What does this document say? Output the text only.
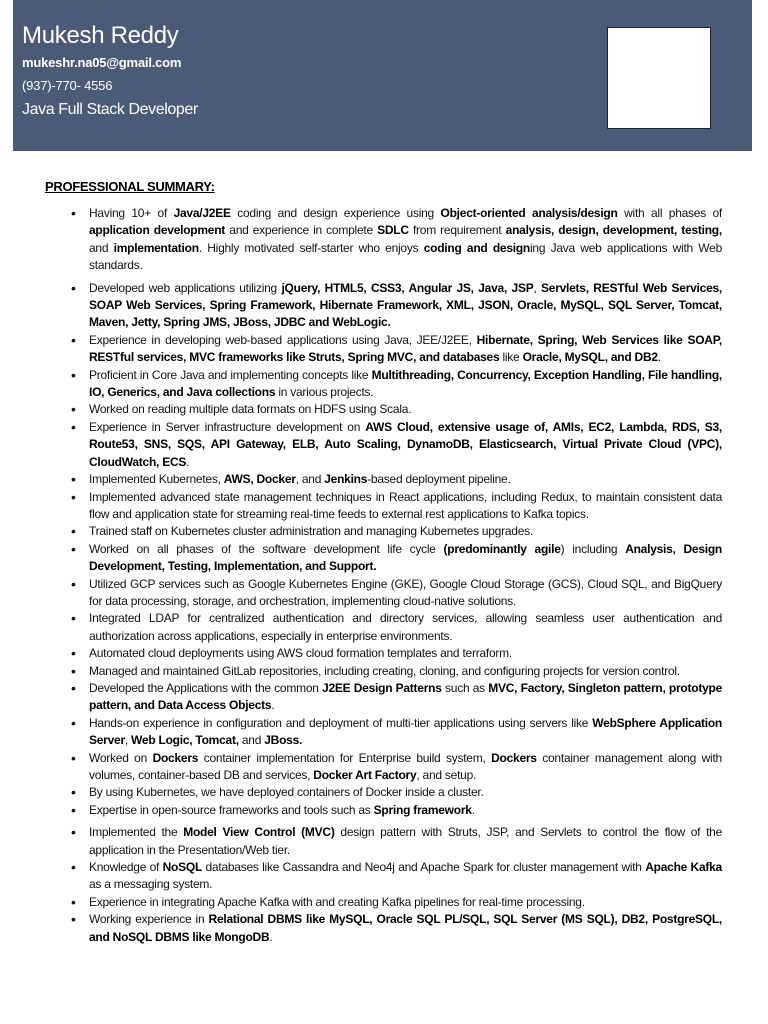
Mukesh Reddy
mukeshr.na05@gmail.com
(937)-770- 4556
Java Full Stack Developer
PROFESSIONAL SUMMARY:
• Having 10+ of Java/J2EE coding and design experience using Object-oriented analysis/design with all phases of application development and experience in complete SDLC from requirement analysis, design, development, testing, and implementation. Highly motivated self-starter who enjoys coding and designing Java web applications with Web standards.
• Developed web applications utilizing jQuery, HTML5, CSS3, Angular JS, Java, JSP, Servlets, RESTful Web Services, SOAP Web Services, Spring Framework, Hibernate Framework, XML, JSON, Oracle, MySQL, SQL Server, Tomcat, Maven, Jetty, Spring JMS, JBoss, JDBC and WebLogic.
• Experience in developing web-based applications using Java, JEE/J2EE, Hibernate, Spring, Web Services like SOAP, RESTful services, MVC frameworks like Struts, Spring MVC, and databases like Oracle, MySQL, and DB2.
• Proficient in Core Java and implementing concepts like Multithreading, Concurrency, Exception Handling, File handling, IO, Generics, and Java collections in various projects.
• Worked on reading multiple data formats on HDFS using Scala.
• Experience in Server infrastructure development on AWS Cloud, extensive usage of, AMIs, EC2, Lambda, RDS, S3, Route53, SNS, SQS, API Gateway, ELB, Auto Scaling, DynamoDB, Elasticsearch, Virtual Private Cloud (VPC), CloudWatch, ECS.
• Implemented Kubernetes, AWS, Docker, and Jenkins-based deployment pipeline.
• Implemented advanced state management techniques in React applications, including Redux, to maintain consistent data flow and application state for streaming real-time feeds to external rest applications to Kafka topics.
• Trained staff on Kubernetes cluster administration and managing Kubernetes upgrades.
• Worked on all phases of the software development life cycle (predominantly agile) including Analysis, Design Development, Testing, Implementation, and Support.
• Utilized GCP services such as Google Kubernetes Engine (GKE), Google Cloud Storage (GCS), Cloud SQL, and BigQuery for data processing, storage, and orchestration, implementing cloud-native solutions.
• Integrated LDAP for centralized authentication and directory services, allowing seamless user authentication and authorization across applications, especially in enterprise environments.
• Automated cloud deployments using AWS cloud formation templates and terraform.
• Managed and maintained GitLab repositories, including creating, cloning, and configuring projects for version control.
• Developed the Applications with the common J2EE Design Patterns such as MVC, Factory, Singleton pattern, prototype pattern, and Data Access Objects.
• Hands-on experience in configuration and deployment of multi-tier applications using servers like WebSphere Application Server, Web Logic, Tomcat, and JBoss.
• Worked on Dockers container implementation for Enterprise build system, Dockers container management along with volumes, container-based DB and services, Docker Art Factory, and setup.
• By using Kubernetes, we have deployed containers of Docker inside a cluster.
• Expertise in open-source frameworks and tools such as Spring framework.
• Implemented the Model View Control (MVC) design pattern with Struts, JSP, and Servlets to control the flow of the application in the Presentation/Web tier.
• Knowledge of NoSQL databases like Cassandra and Neo4j and Apache Spark for cluster management with Apache Kafka as a messaging system.
• Experience in integrating Apache Kafka with and creating Kafka pipelines for real-time processing.
• Working experience in Relational DBMS like MySQL, Oracle SQL PL/SQL, SQL Server (MS SQL), DB2, PostgreSQL, and NoSQL DBMS like MongoDB.
